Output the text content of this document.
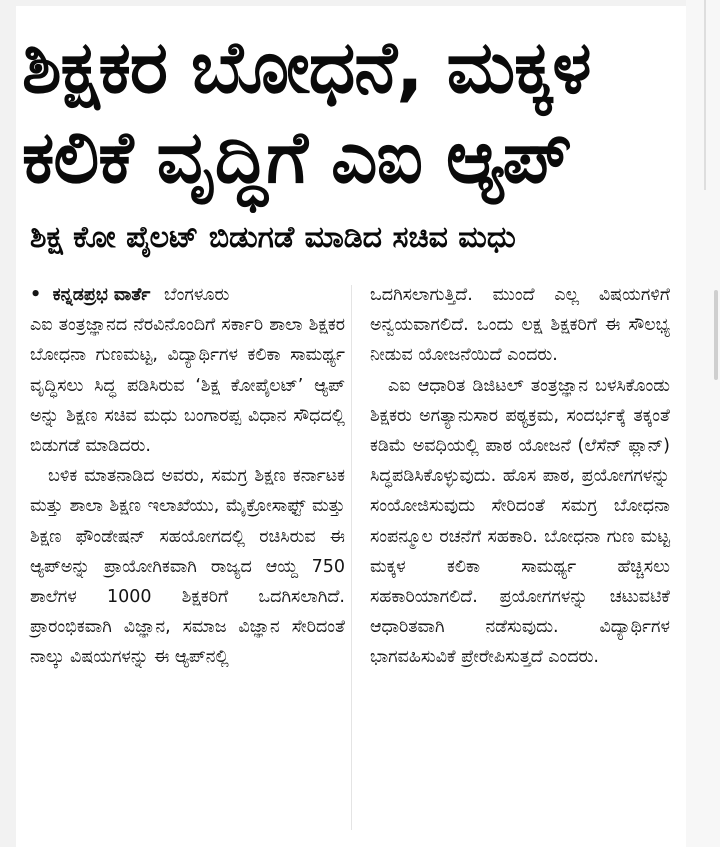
ಶಿಕ್ಷಕರ ಬೋಧನೆ, ಮಕ್ಕಳ
ಕಲಿಕೆ ವೃದ್ಧಿಗೆ ಎಐ ಆ್ಯಪ್
ಶಿಕ್ಷ ಕೋ ಪೈಲಟ್ ಬಿಡುಗಡೆ ಮಾಡಿದ ಸಚಿವ ಮಧು
• ಕನ್ನಡಪ್ರಭ ವಾರ್ತೆ ಬೆಂಗಳೂರು

ಎಐ ತಂತ್ರಜ್ಞಾನದ ನೆರವಿನೊಂದಿಗೆ ಸರ್ಕಾರಿ ಶಾಲಾ ಶಿಕ್ಷಕರ ಬೋಧನಾ ಗುಣಮಟ್ಟ, ವಿದ್ಯಾರ್ಥಿಗಳ ಕಲಿಕಾ ಸಾಮರ್ಥ್ಯ ವೃದ್ಧಿಸಲು ಸಿದ್ಧ ಪಡಿಸಿರುವ ‘ಶಿಕ್ಷ ಕೋಪೈಲಟ್’ ಆ್ಯಪ್ ಅನ್ನು ಶಿಕ್ಷಣ ಸಚಿವ ಮಧು ಬಂಗಾರಪ್ಪ ವಿಧಾನ ಸೌಧದಲ್ಲಿ ಬಿಡುಗಡೆ ಮಾಡಿದರು.

ಬಳಿಕ ಮಾತನಾಡಿದ ಅವರು, ಸಮಗ್ರ ಶಿಕ್ಷಣ ಕರ್ನಾಟಕ ಮತ್ತು ಶಾಲಾ ಶಿಕ್ಷಣ ಇಲಾಖೆಯು, ಮೈಕ್ರೋಸಾಫ್ಟ್ ಮತ್ತು ಶಿಕ್ಷಣ ಫೌಂಡೇಷನ್ ಸಹಯೋಗದಲ್ಲಿ ರಚಿಸಿರುವ ಈ ಆ್ಯಪ್‌ಅನ್ನು ಪ್ರಾಯೋಗಿಕವಾಗಿ ರಾಜ್ಯದ ಆಯ್ದ 750 ಶಾಲೆಗಳ 1000 ಶಿಕ್ಷಕರಿಗೆ ಒದಗಿಸಲಾಗಿದೆ. ಪ್ರಾರಂಭಿಕವಾಗಿ ವಿಜ್ಞಾನ, ಸಮಾಜ ವಿಜ್ಞಾನ ಸೇರಿದಂತೆ ನಾಲ್ಕು ವಿಷಯಗಳನ್ನು ಈ ಆ್ಯಪ್‌ನಲ್ಲಿ

ಒದಗಿಸಲಾಗುತ್ತಿದೆ. ಮುಂದೆ ಎಲ್ಲ ವಿಷಯಗಳಿಗೆ ಅನ್ವಯವಾಗಲಿದೆ. ಒಂದು ಲಕ್ಷ ಶಿಕ್ಷಕರಿಗೆ ಈ ಸೌಲಭ್ಯ ನೀಡುವ ಯೋಜನೆಯಿದೆ ಎಂದರು.

ಎಐ ಆಧಾರಿತ ಡಿಜಿಟಲ್ ತಂತ್ರಜ್ಞಾನ ಬಳಸಿಕೊಂಡು ಶಿಕ್ಷಕರು ಅಗತ್ಯಾನುಸಾರ ಪಠ್ಯಕ್ರಮ, ಸಂದರ್ಭಕ್ಕೆ ತಕ್ಕಂತೆ ಕಡಿಮೆ ಅವಧಿಯಲ್ಲಿ ಪಾಠ ಯೋಜನೆ (ಲೆಸೆನ್ ಪ್ಲಾನ್) ಸಿದ್ಧಪಡಿಸಿಕೊಳ್ಳುವುದು. ಹೊಸ ಪಾಠ, ಪ್ರಯೋಗಗಳನ್ನು ಸಂಯೋಜಿಸುವುದು ಸೇರಿದಂತೆ ಸಮಗ್ರ ಬೋಧನಾ ಸಂಪನ್ಮೂಲ ರಚನೆಗೆ ಸಹಕಾರಿ. ಬೋಧನಾ ಗುಣ ಮಟ್ಟ ಮಕ್ಕಳ ಕಲಿಕಾ ಸಾಮರ್ಥ್ಯ ಹೆಚ್ಚಿಸಲು ಸಹಕಾರಿಯಾಗಲಿದೆ. ಪ್ರಯೋಗಗಳನ್ನು ಚಟುವಟಿಕೆ ಆಧಾರಿತವಾಗಿ ನಡೆಸುವುದು. ವಿದ್ಯಾರ್ಥಿಗಳ ಭಾಗವಹಿಸುವಿಕೆ ಪ್ರೇರೇಪಿಸುತ್ತದೆ ಎಂದರು.
